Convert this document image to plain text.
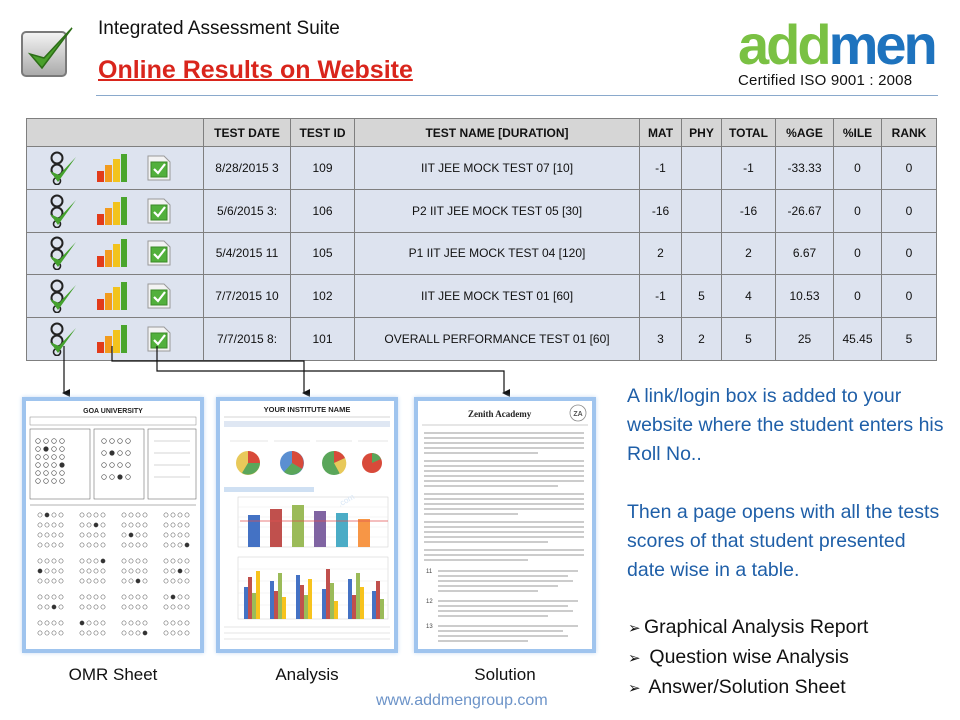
Integrated Assessment Suite
Online Results on Website	addmen
Certified ISO 9001 : 2008
	TEST DATE	TEST ID	TEST NAME [DURATION]	MAT	PHY	TOTAL	%AGE	%ILE	RANK
	8/28/2015 3	109	IIT JEE MOCK TEST 07 [10]	-1		-1	-33.33	0	0
	5/6/2015 3:	106	P2 IIT JEE MOCK TEST 05 [30]	-16		-16	-26.67	0	0
	5/4/2015 11	105	P1 IIT JEE MOCK TEST 04 [120]	2		2	6.67	0	0
	7/7/2015 10	102	IIT JEE MOCK TEST 01 [60]	-1	5	4	10.53	0	0
	7/7/2015 8:	101	OVERALL PERFORMANCE TEST 01 [60]	3	2	5	25	45.45	5
GOA UNIVERSITY
OMR Sheet
YOUR INSTITUTE NAME
.com
Analysis
Zenith Academy	ZA
11
12
13
Solution
A link/login box is added to your website where the student enters his Roll No..
Then a page opens with all the tests scores of that student presented date wise in a table.
➢ Graphical Analysis Report
➢ Question wise Analysis
➢ Answer/Solution Sheet
www.addmengroup.com
